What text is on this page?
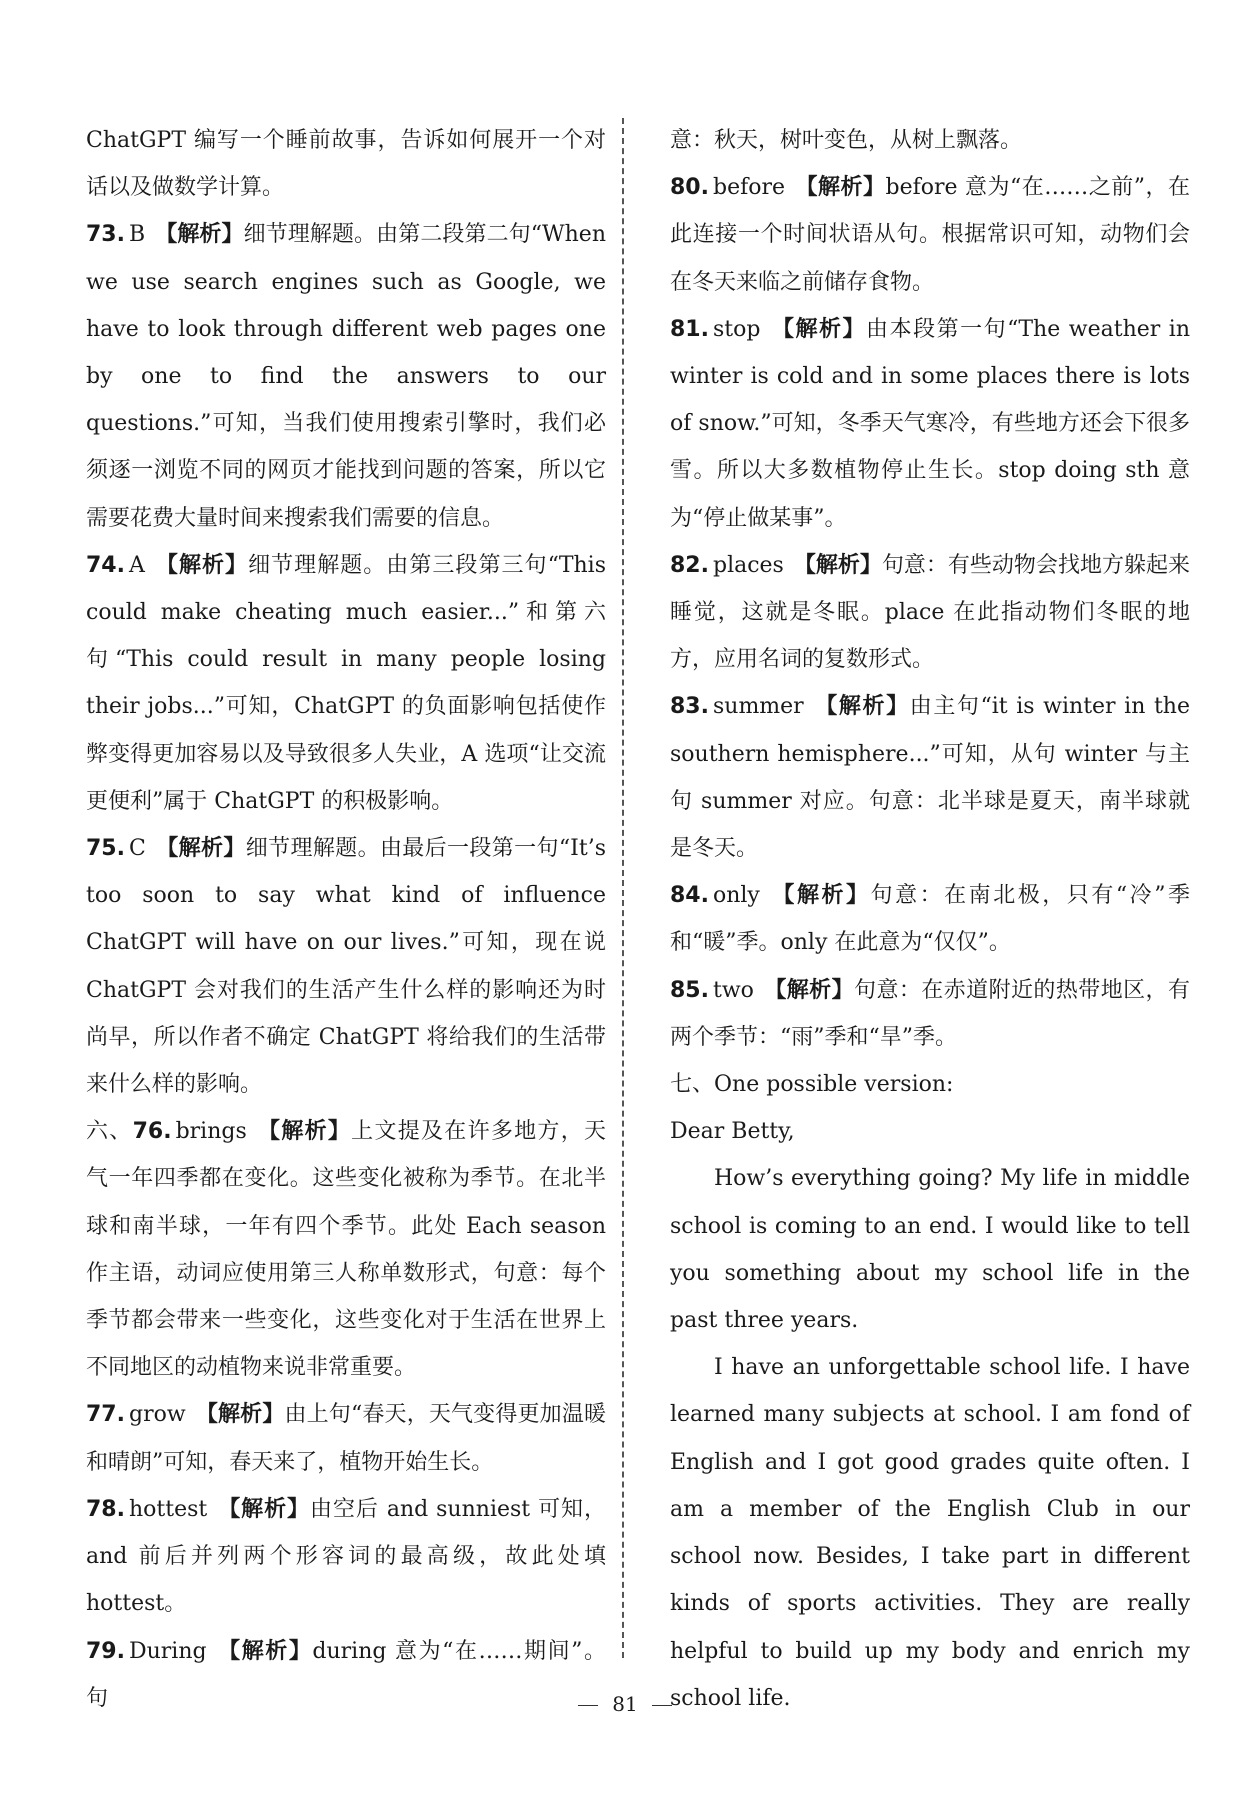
ChatGPT 编写一个睡前故事，告诉如何展开一个对话以及做数学计算。

73. B 【解析】细节理解题。由第二段第二句“When we use search engines such as Google, we have to look through different web pages one by one to find the answers to our questions.”可知，当我们使用搜索引擎时，我们必须逐一浏览不同的网页才能找到问题的答案，所以它需要花费大量时间来搜索我们需要的信息。

74. A 【解析】细节理解题。由第三段第三句“This could make cheating much easier...”和第六句“This could result in many people losing their jobs...”可知，ChatGPT 的负面影响包括使作弊变得更加容易以及导致很多人失业，A 选项“让交流更便利”属于 ChatGPT 的积极影响。

75. C 【解析】细节理解题。由最后一段第一句“It’s too soon to say what kind of influence ChatGPT will have on our lives.”可知，现在说 ChatGPT 会对我们的生活产生什么样的影响还为时尚早，所以作者不确定 ChatGPT 将给我们的生活带来什么样的影响。

六、76. brings 【解析】上文提及在许多地方，天气一年四季都在变化。这些变化被称为季节。在北半球和南半球，一年有四个季节。此处 Each season 作主语，动词应使用第三人称单数形式，句意：每个季节都会带来一些变化，这些变化对于生活在世界上不同地区的动植物来说非常重要。

77. grow 【解析】由上句“春天，天气变得更加温暖和晴朗”可知，春天来了，植物开始生长。

78. hottest 【解析】由空后 and sunniest 可知，and 前后并列两个形容词的最高级，故此处填hottest。

79. During 【解析】during 意为“在……期间”。句

意：秋天，树叶变色，从树上飘落。

80. before 【解析】before 意为“在……之前”，在此连接一个时间状语从句。根据常识可知，动物们会在冬天来临之前储存食物。

81. stop 【解析】由本段第一句“The weather in winter is cold and in some places there is lots of snow.”可知，冬季天气寒冷，有些地方还会下很多雪。所以大多数植物停止生长。stop doing sth 意为“停止做某事”。

82. places 【解析】句意：有些动物会找地方躲起来睡觉，这就是冬眠。place 在此指动物们冬眠的地方，应用名词的复数形式。

83. summer 【解析】由主句“it is winter in the southern hemisphere...”可知，从句 winter 与主句 summer 对应。句意：北半球是夏天，南半球就是冬天。

84. only 【解析】句意：在南北极，只有“冷”季和“暖”季。only 在此意为“仅仅”。

85. two 【解析】句意：在赤道附近的热带地区，有两个季节：“雨”季和“旱”季。

七、One possible version:

Dear Betty,

How’s everything going? My life in middle school is coming to an end. I would like to tell you something about my school life in the past three years.

I have an unforgettable school life. I have learned many subjects at school. I am fond of English and I got good grades quite often. I am a member of the English Club in our school now. Besides, I take part in different kinds of sports activities. They are really helpful to build up my body and enrich my school life.

81
